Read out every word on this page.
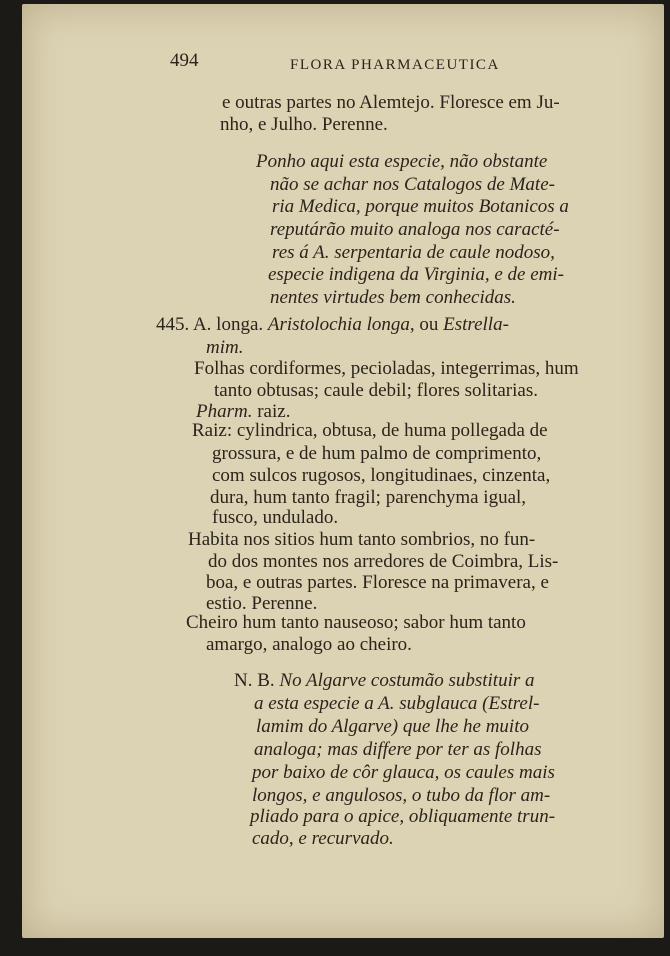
494	FLORA PHARMACEUTICA
e outras partes no Alemtejo. Floresce em Ju-
nho, e Julho. Perenne.
Ponho aqui esta especie, não obstante
não se achar nos Catalogos de Mate-
ria Medica, porque muitos Botanicos a
reputárão muito analoga nos caracté-
res á A. serpentaria de caule nodoso,
especie indigena da Virginia, e de emi-
nentes virtudes bem conhecidas.
445. A. longa. Aristolochia longa, ou Estrella-
mim.
Folhas cordiformes, pecioladas, integerrimas, hum
tanto obtusas; caule debil; flores solitarias.
Pharm. raiz.
Raiz: cylindrica, obtusa, de huma pollegada de
grossura, e de hum palmo de comprimento,
com sulcos rugosos, longitudinaes, cinzenta,
dura, hum tanto fragil; parenchyma igual,
fusco, undulado.
Habita nos sitios hum tanto sombrios, no fun-
do dos montes nos arredores de Coimbra, Lis-
boa, e outras partes. Floresce na primavera, e
estio. Perenne.
Cheiro hum tanto nauseoso; sabor hum tanto
amargo, analogo ao cheiro.
N. B. No Algarve costumão substituir a
a esta especie a A. subglauca (Estrel-
lamim do Algarve) que lhe he muito
analoga; mas differe por ter as folhas
por baixo de côr glauca, os caules mais
longos, e angulosos, o tubo da flor am-
pliado para o apice, obliquamente trun-
cado, e recurvado.
